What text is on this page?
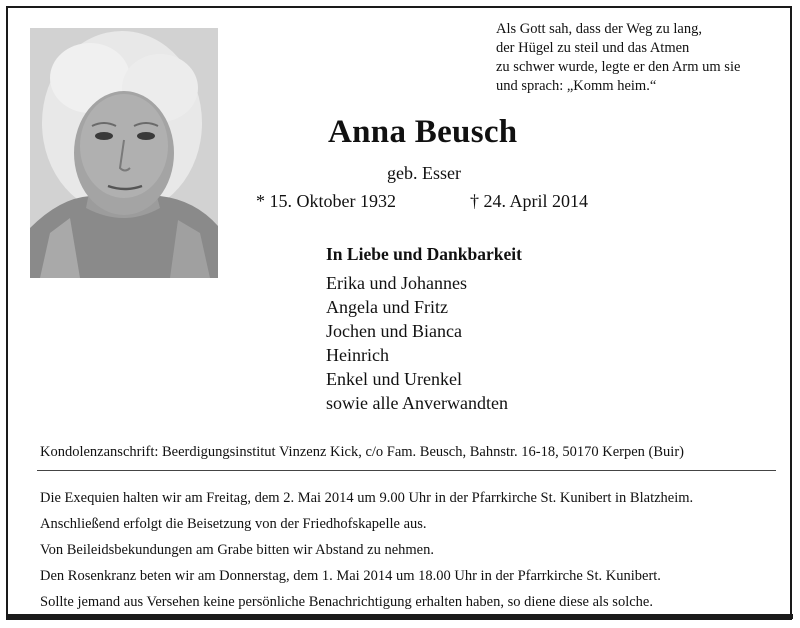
Als Gott sah, dass der Weg zu lang,
der Hügel zu steil und das Atmen
zu schwer wurde, legte er den Arm um sie
und sprach: „Komm heim.“
Anna Beusch
geb. Esser
* 15. Oktober 1932	† 24. April 2014
In Liebe und Dankbarkeit
Erika und Johannes
Angela und Fritz
Jochen und Bianca
Heinrich
Enkel und Urenkel
sowie alle Anverwandten
Kondolenzanschrift: Beerdigungsinstitut Vinzenz Kick, c/o Fam. Beusch, Bahnstr. 16-18, 50170 Kerpen (Buir)
Die Exequien halten wir am Freitag, dem 2. Mai 2014 um 9.00 Uhr in der Pfarrkirche St. Kunibert in Blatzheim.
Anschließend erfolgt die Beisetzung von der Friedhofskapelle aus.
Von Beileidsbekundungen am Grabe bitten wir Abstand zu nehmen.
Den Rosenkranz beten wir am Donnerstag, dem 1. Mai 2014 um 18.00 Uhr in der Pfarrkirche St. Kunibert.
Sollte jemand aus Versehen keine persönliche Benachrichtigung erhalten haben, so diene diese als solche.
